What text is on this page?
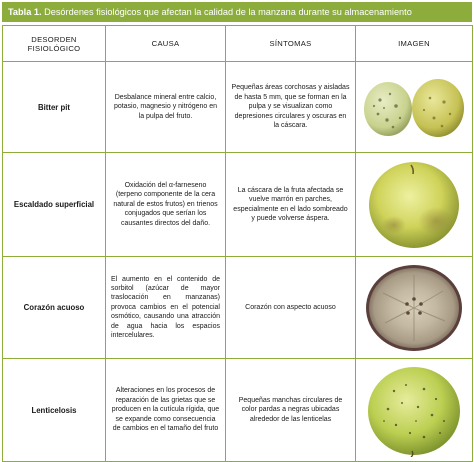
Tabla 1. Desórdenes fisiológicos que afectan la calidad de la manzana durante su almacenamiento
DESORDEN FISIOLÓGICO	CAUSA	SÍNTOMAS	IMAGEN
Bitter pit	Desbalance mineral entre calcio, potasio, magnesio y nitrógeno en la pulpa del fruto.	Pequeñas áreas corchosas y aisladas de hasta 5 mm, que se forman en la pulpa y se visualizan como depresiones circulares y oscuras en la cáscara.	

Escaldado superficial	Oxidación del α-farneseno (terpeno componente de la cera natural de estos frutos) en trienos conjugados que serían los causantes directos del daño.	La cáscara de la fruta afectada se vuelve marrón en parches, especialmente en el lado sombreado y puede volverse áspera.	

Corazón acuoso	El aumento en el contenido de sorbitol (azúcar de mayor traslocación en manzanas) provoca cambios en el potencial osmótico, causando una atracción de agua hacia los espacios intercelulares.	Corazón con aspecto acuoso	

Lenticelosis	Alteraciones en los procesos de reparación de las grietas que se producen en la cutícula rígida, que se expande como consecuencia de cambios en el tamaño del fruto	Pequeñas manchas circulares de color pardas a negras ubicadas alrededor de las lenticelas	
